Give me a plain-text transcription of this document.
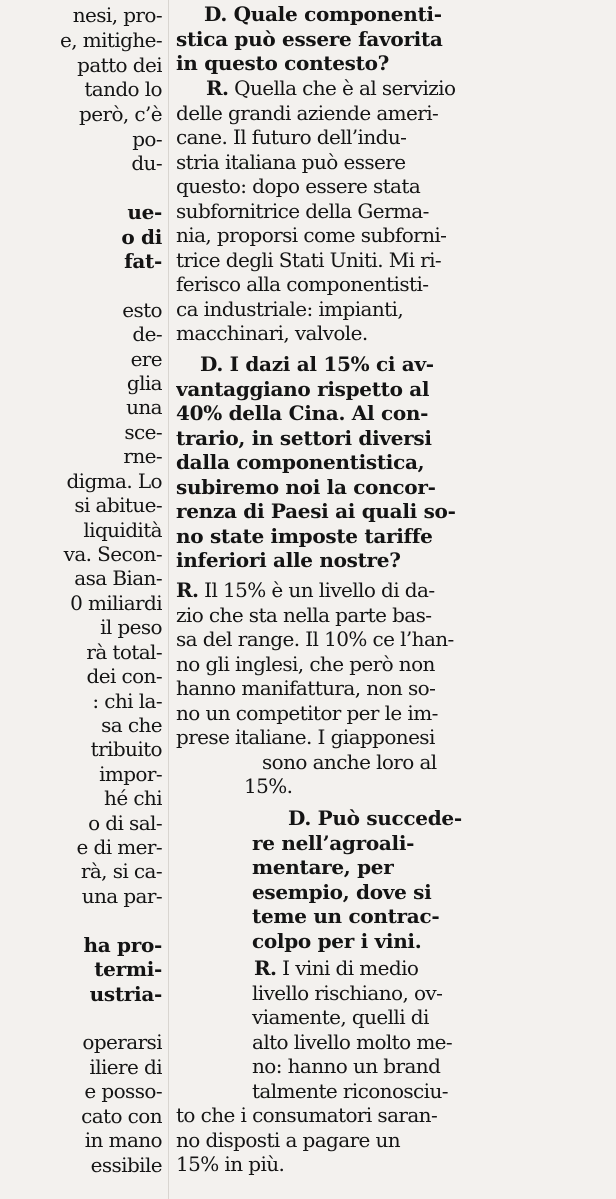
nesi, pro-
e, mitighe-
patto dei
tando lo
però, c’è
po-
du-
ue-
o di
fat-
esto
de-
ere
glia
una
sce-
rne-
digma. Lo
si abitue-
liquidità
va. Secon-
asa Bian-
0 miliardi
il peso
rà total-
dei con-
: chi la-
sa che
tribuito
impor-
hé chi
o di sal-
e di mer-
rà, si ca-
una par-
ha pro-
termi-
ustria-
operarsi
iliere di
e posso-
cato con
in mano
essibile
D. Quale componenti-
stica può essere favorita
in questo contesto?
R. Quella che è al servizio
delle grandi aziende ameri-
cane. Il futuro dell’indu-
stria italiana può essere
questo: dopo essere stata
subfornitrice della Germa-
nia, proporsi come subforni-
trice degli Stati Uniti. Mi ri-
ferisco alla componentisti-
ca industriale: impianti,
macchinari, valvole.
D. I dazi al 15% ci av-
vantaggiano rispetto al
40% della Cina. Al con-
trario, in settori diversi
dalla componentistica,
subiremo noi la concor-
renza di Paesi ai quali so-
no state imposte tariffe
inferiori alle nostre?
R. Il 15% è un livello di da-
zio che sta nella parte bas-
sa del range. Il 10% ce l’han-
no gli inglesi, che però non
hanno manifattura, non so-
no un competitor per le im-
prese italiane. I giapponesi
sono anche loro al
15%.
D. Può succede-
re nell’agroali-
mentare, per
esempio, dove si
teme un contrac-
colpo per i vini.
R. I vini di medio
livello rischiano, ov-
viamente, quelli di
alto livello molto me-
no: hanno un brand
talmente riconosciu-
to che i consumatori saran-
no disposti a pagare un
15% in più.
